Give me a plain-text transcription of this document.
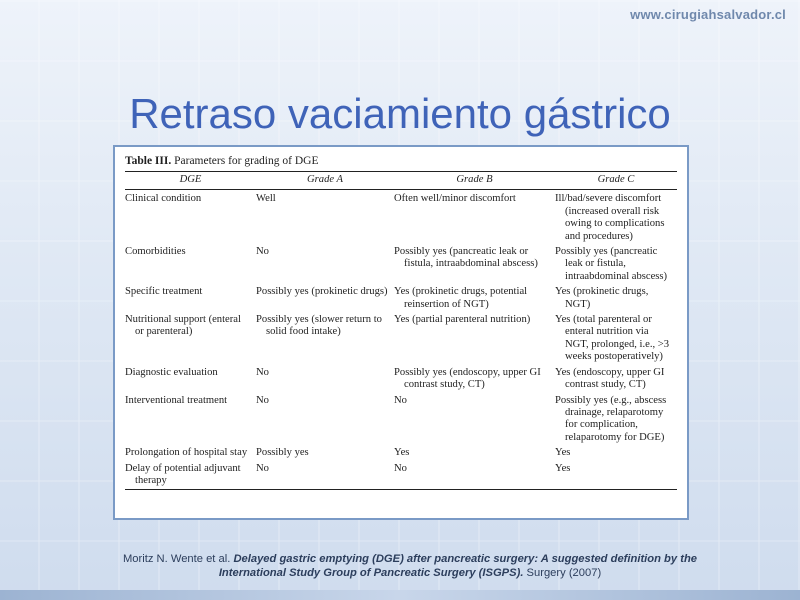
www.cirugiahsalvador.cl
Retraso vaciamiento gástrico
Table III. Parameters for grading of DGE
DGE	Grade A	Grade B	Grade C

Clinical condition	Well	Often well/minor discomfort	Ill/bad/severe discomfort (increased overall risk owing to complications and procedures)

Comorbidities	No	Possibly yes (pancreatic leak or fistula, intraabdominal abscess)	Possibly yes (pancreatic leak or fistula, intraabdominal abscess)

Specific treatment	Possibly yes (prokinetic drugs)	Yes (prokinetic drugs, potential reinsertion of NGT)	Yes (prokinetic drugs, NGT)

Nutritional support (enteral or parenteral)	Possibly yes (slower return to solid food intake)	Yes (partial parenteral nutrition)	Yes (total parenteral or enteral nutrition via NGT, prolonged, i.e., >3 weeks postoperatively)

Diagnostic evaluation	No	Possibly yes (endoscopy, upper GI contrast study, CT)	Yes (endoscopy, upper GI contrast study, CT)

Interventional treatment	No	No	Possibly yes (e.g., abscess drainage, relaparotomy for complication, relaparotomy for DGE)

Prolongation of hospital stay	Possibly yes	Yes	Yes

Delay of potential adjuvant therapy	No	No	Yes
Moritz N. Wente et al. Delayed gastric emptying (DGE) after pancreatic surgery: A suggested definition by the International Study Group of Pancreatic Surgery (ISGPS). Surgery (2007)
